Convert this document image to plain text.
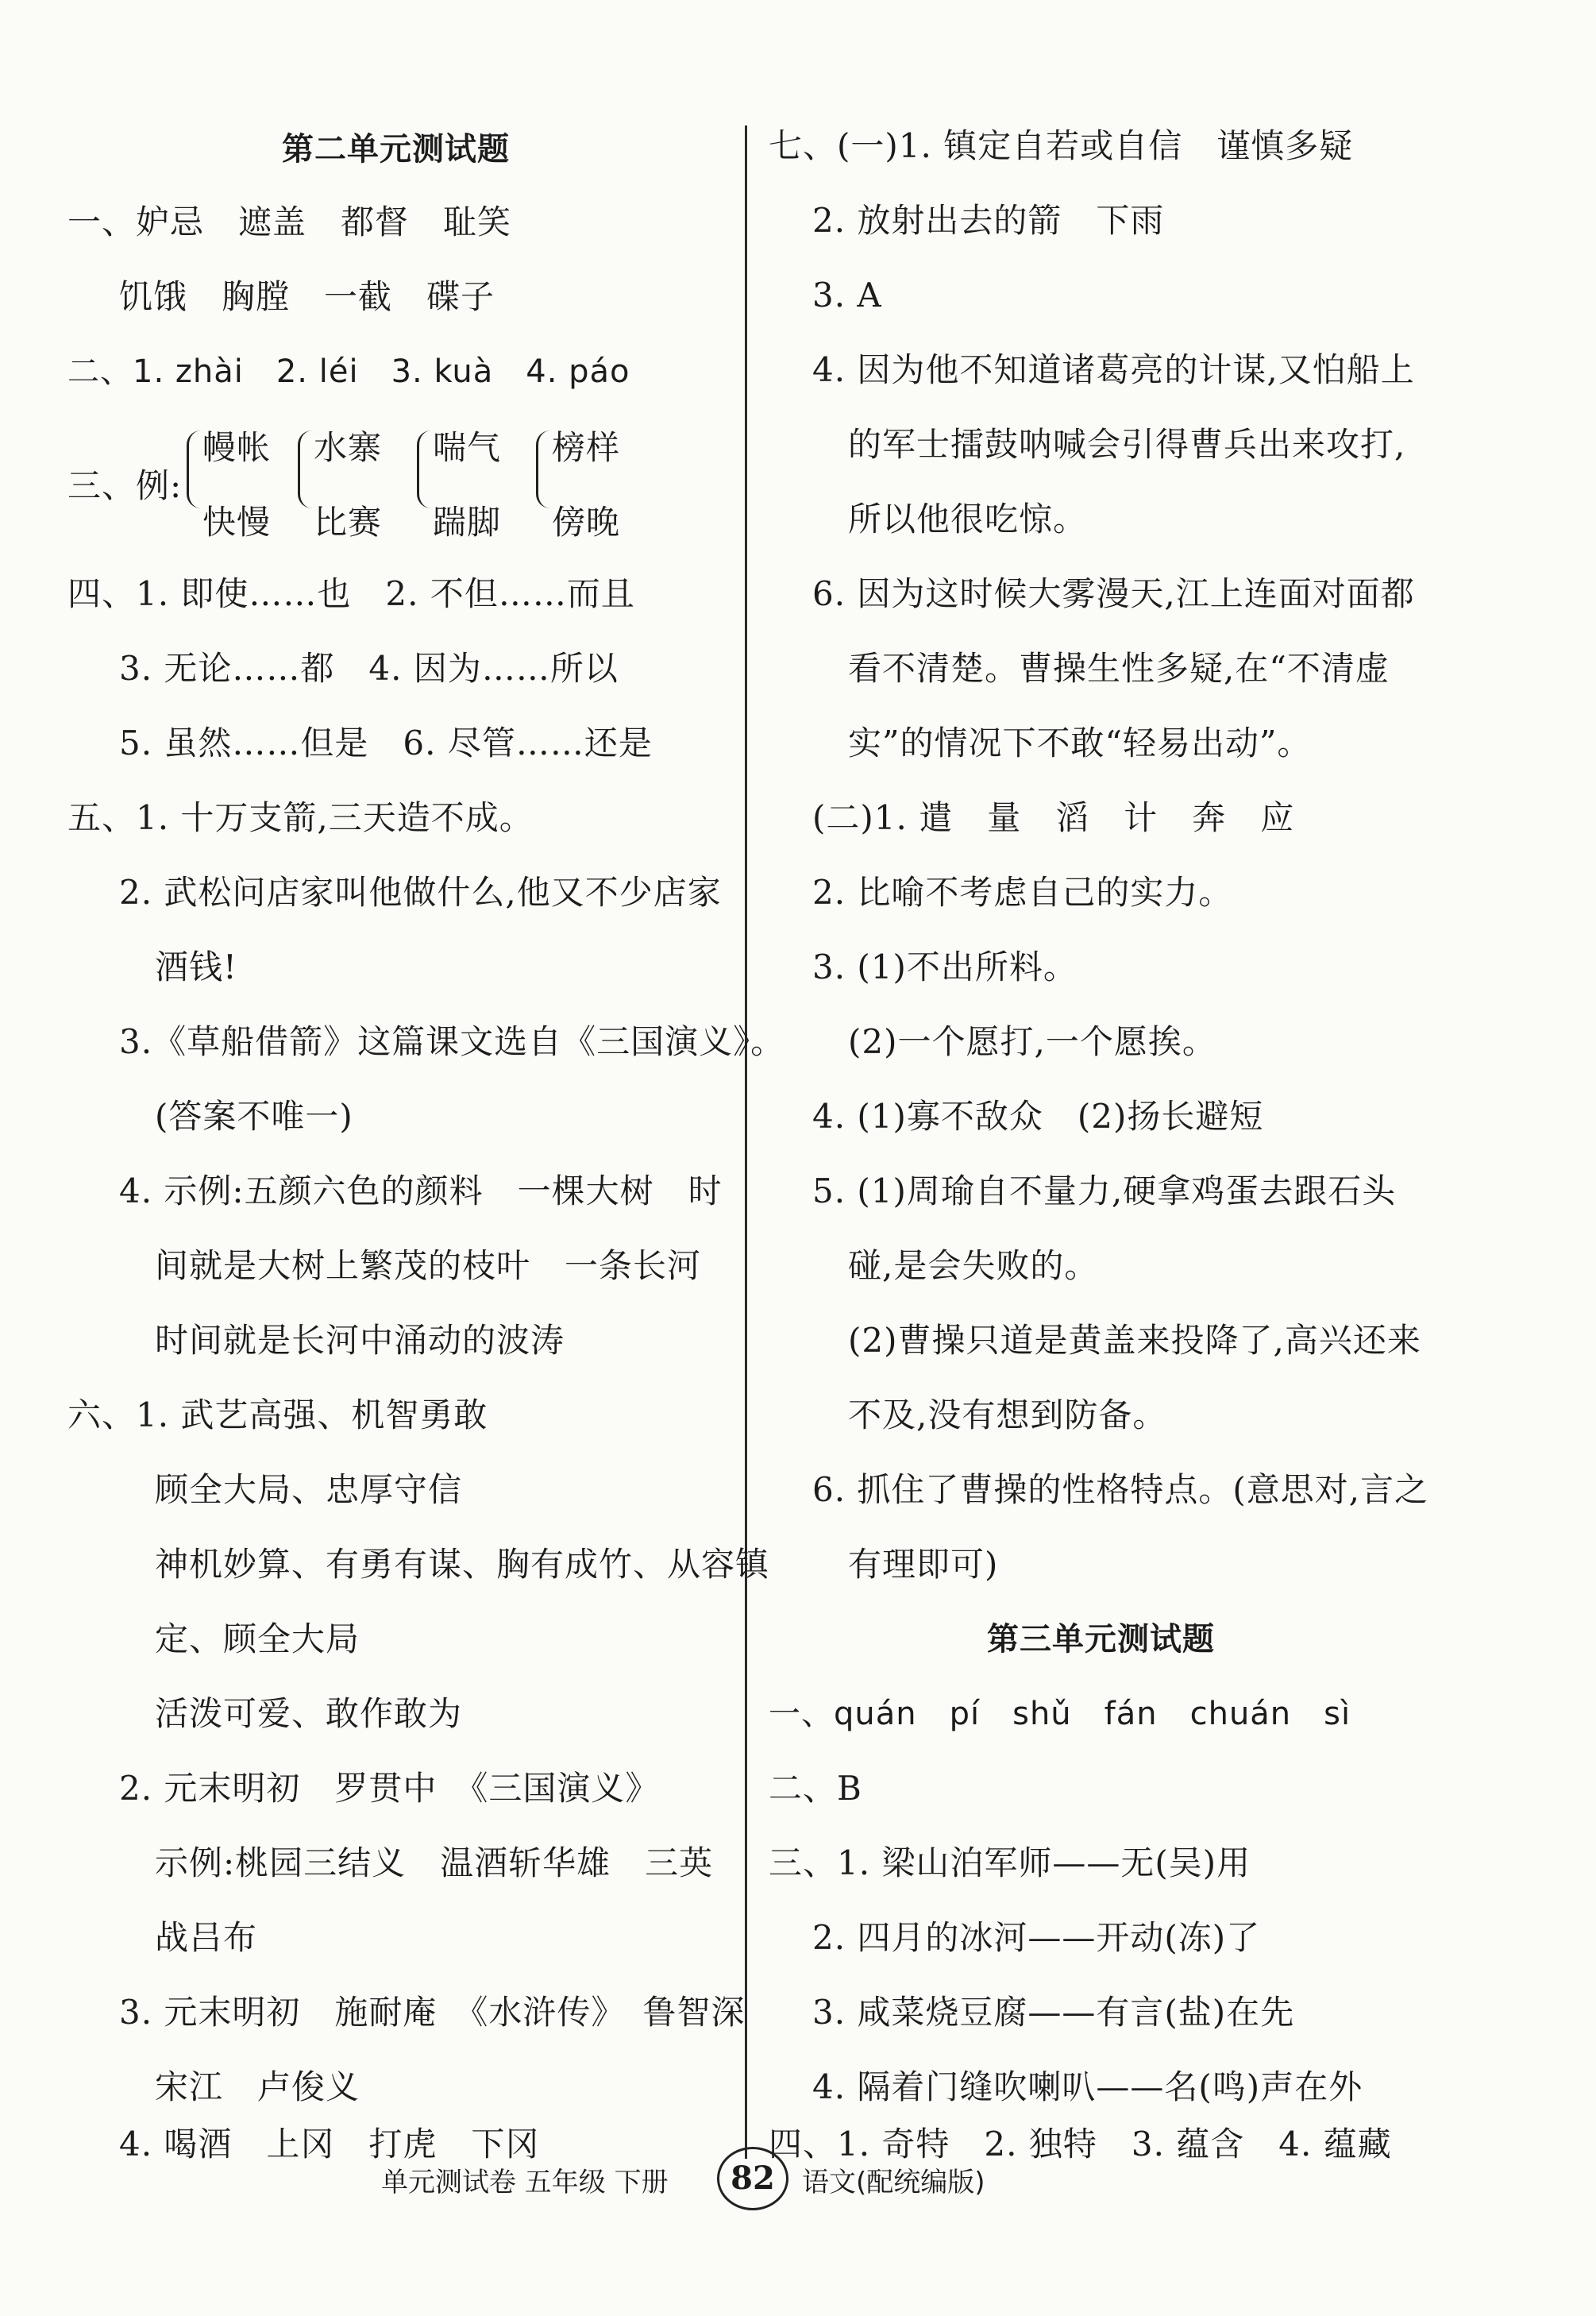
第二单元测试题
一、妒忌　遮盖　都督　耻笑
饥饿　胸膛　一截　碟子
二、1. zhài　2. léi　3. kuà　4. páo
三、例:
幔帐
快慢
水寨
比赛
喘气
踹脚
榜样
傍晚
四、1. 即使……也　2. 不但……而且
3. 无论……都　4. 因为……所以
5. 虽然……但是　6. 尽管……还是
五、1. 十万支箭,三天造不成。
2. 武松问店家叫他做什么,他又不少店家
酒钱!
3.《草船借箭》这篇课文选自《三国演义》。
(答案不唯一)
4. 示例:五颜六色的颜料　一棵大树　时
间就是大树上繁茂的枝叶　一条长河
时间就是长河中涌动的波涛
六、1. 武艺高强、机智勇敢
顾全大局、忠厚守信
神机妙算、有勇有谋、胸有成竹、从容镇
定、顾全大局
活泼可爱、敢作敢为
2. 元末明初　罗贯中　《三国演义》
示例:桃园三结义　温酒斩华雄　三英
战吕布
3. 元末明初　施耐庵　《水浒传》　鲁智深
宋江　卢俊义
4. 喝酒　上冈　打虎　下冈
七、(一)1. 镇定自若或自信　谨慎多疑
2. 放射出去的箭　下雨
3. A
4. 因为他不知道诸葛亮的计谋,又怕船上
的军士擂鼓呐喊会引得曹兵出来攻打,
所以他很吃惊。
6. 因为这时候大雾漫天,江上连面对面都
看不清楚。曹操生性多疑,在“不清虚
实”的情况下不敢“轻易出动”。
(二)1. 遣　量　滔　计　奔　应
2. 比喻不考虑自己的实力。
3. (1)不出所料。
(2)一个愿打,一个愿挨。
4. (1)寡不敌众　(2)扬长避短
5. (1)周瑜自不量力,硬拿鸡蛋去跟石头
碰,是会失败的。
(2)曹操只道是黄盖来投降了,高兴还来
不及,没有想到防备。
6. 抓住了曹操的性格特点。(意思对,言之
有理即可)
第三单元测试题
一、quán　pí　shǔ　fán　chuán　sì
二、B
三、1. 梁山泊军师——无(吴)用
2. 四月的冰河——开动(冻)了
3. 咸菜烧豆腐——有言(盐)在先
4. 隔着门缝吹喇叭——名(鸣)声在外
四、1. 奇特　2. 独特　3. 蕴含　4. 蕴藏
单元测试卷 五年级 下册	82	语文(配统编版)
